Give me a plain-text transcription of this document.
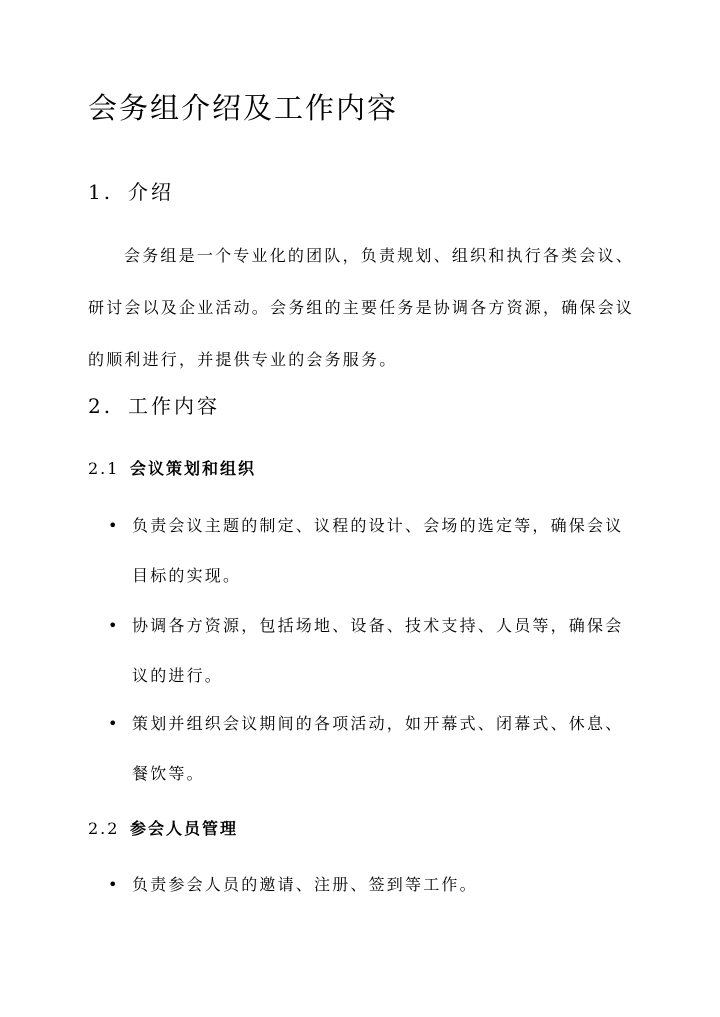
会务组介绍及工作内容
1. 介绍

会务组是一个专业化的团队，负责规划、组织和执行各类会议、研讨会以及企业活动。会务组的主要任务是协调各方资源，确保会议的顺利进行，并提供专业的会务服务。

2. 工作内容
2.1 会议策划和组织
• 负责会议主题的制定、议程的设计、会场的选定等，确保会议目标的实现。
• 协调各方资源，包括场地、设备、技术支持、人员等，确保会议的进行。
• 策划并组织会议期间的各项活动，如开幕式、闭幕式、休息、餐饮等。
2.2 参会人员管理
• 负责参会人员的邀请、注册、签到等工作。
